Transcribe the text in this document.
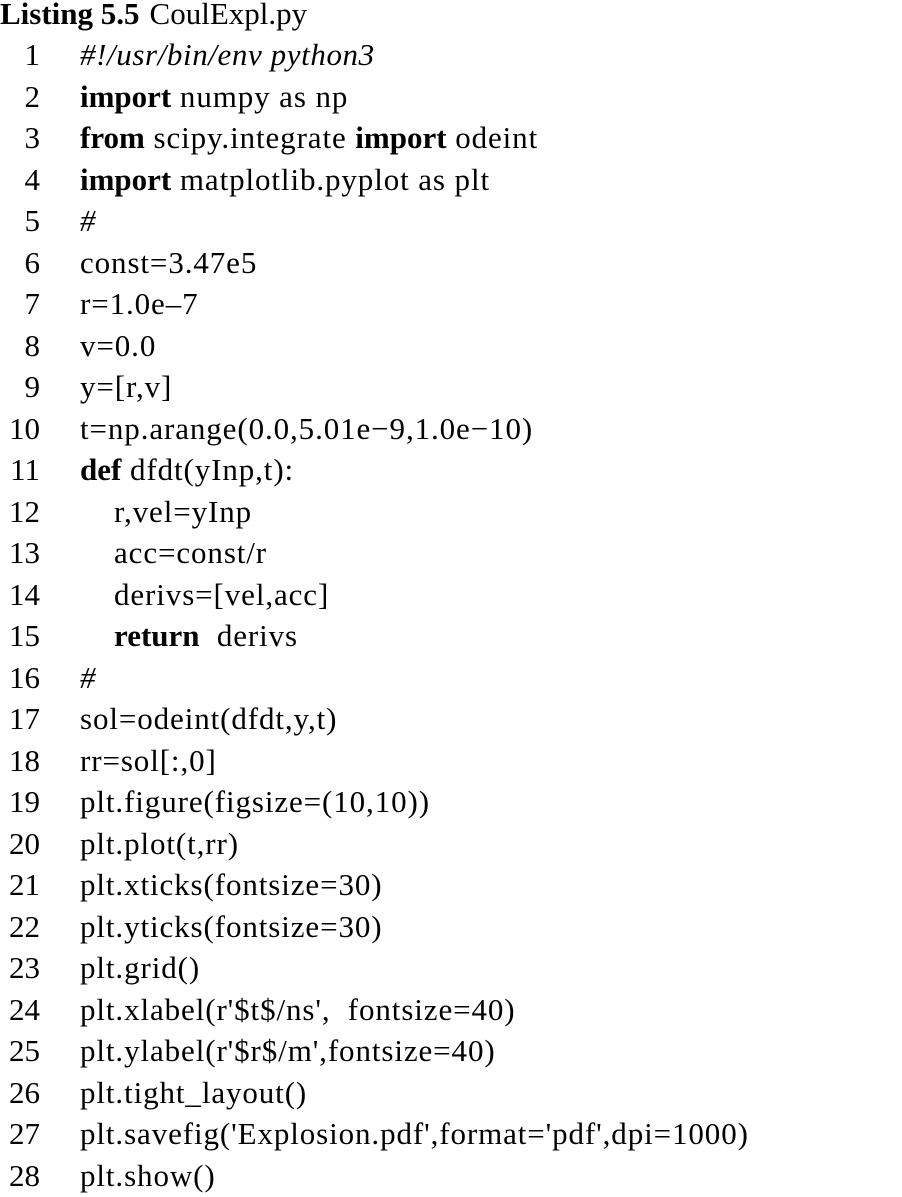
Listing 5.5 CoulExpl.py
1 #!/usr/bin/env python3
2 import numpy as np
3 from scipy.integrate import odeint
4 import matplotlib.pyplot as plt
5 #
6 const=3.47e5
7 r=1.0e–7
8 v=0.0
9 y=[r,v]
10 t=np.arange(0.0,5.01e−9,1.0e−10)
11 def dfdt(yInp,t):
12	r,vel=yInp
13	acc=const/r
14	derivs=[vel,acc]
15	return  derivs
16 #
17 sol=odeint(dfdt,y,t)
18 rr=sol[:,0]
19 plt.figure(figsize=(10,10))
20 plt.plot(t,rr)
21 plt.xticks(fontsize=30)
22 plt.yticks(fontsize=30)
23 plt.grid()
24 plt.xlabel(r'$t$/ns',  fontsize=40)
25 plt.ylabel(r'$r$/m',fontsize=40)
26 plt.tight_layout()
27 plt.savefig('Explosion.pdf',format='pdf',dpi=1000)
28 plt.show()
